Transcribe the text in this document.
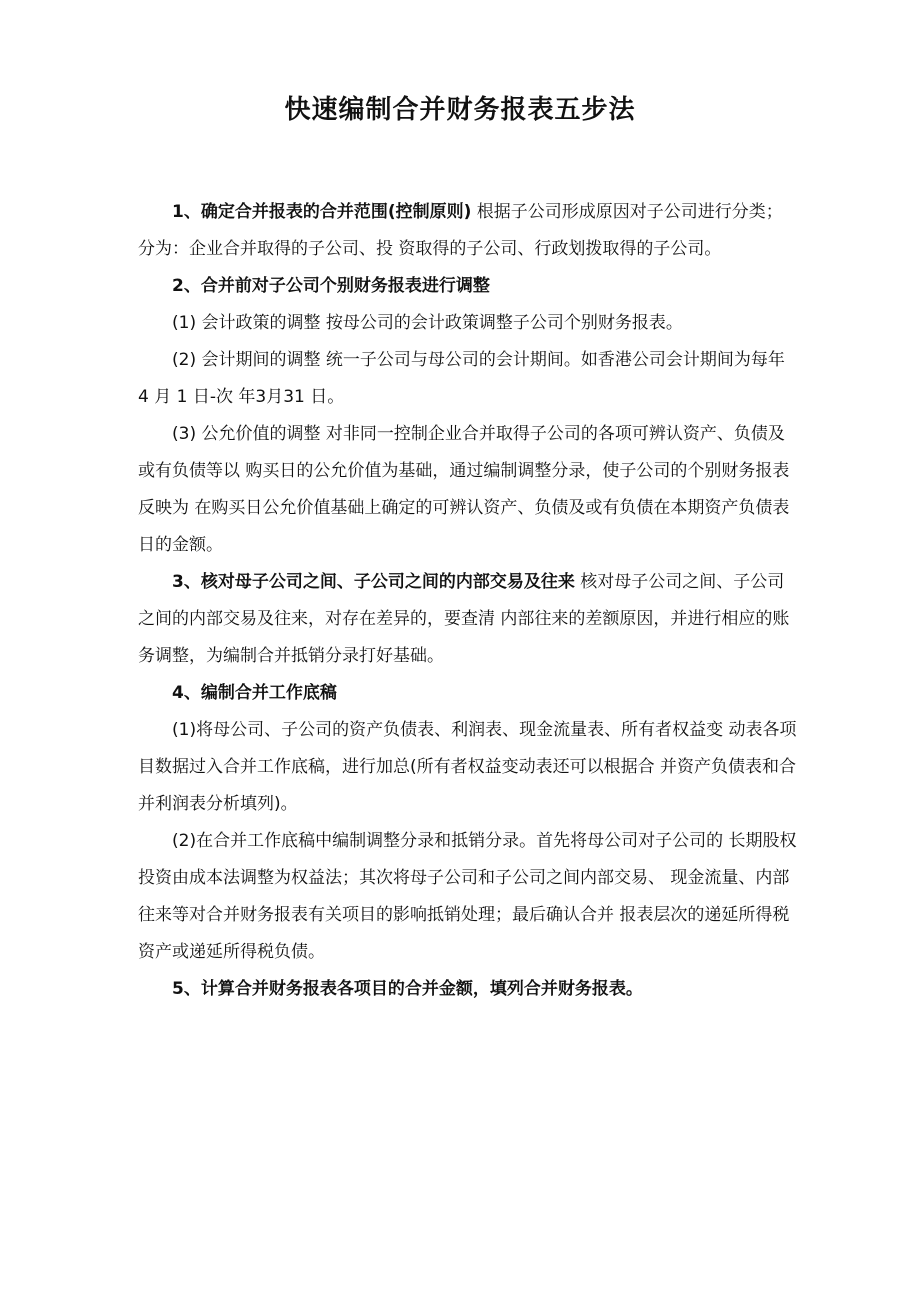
快速编制合并财务报表五步法

1、确定合并报表的合并范围(控制原则) 根据子公司形成原因对子公司进行分类；分为：企业合并取得的子公司、投 资取得的子公司、行政划拨取得的子公司。

2、合并前对子公司个别财务报表进行调整

(1) 会计政策的调整 按母公司的会计政策调整子公司个别财务报表。

(2) 会计期间的调整 统一子公司与母公司的会计期间。如香港公司会计期间为每年 4 月 1 日-次 年3月31 日。

(3) 公允价值的调整 对非同一控制企业合并取得子公司的各项可辨认资产、负债及或有负债等以 购买日的公允价值为基础，通过编制调整分录，使子公司的个别财务报表反映为 在购买日公允价值基础上确定的可辨认资产、负债及或有负债在本期资产负债表 日的金额。

3、核对母子公司之间、子公司之间的内部交易及往来 核对母子公司之间、子公司之间的内部交易及往来，对存在差异的，要查清 内部往来的差额原因，并进行相应的账务调整，为编制合并抵销分录打好基础。

4、编制合并工作底稿

(1)将母公司、子公司的资产负债表、利润表、现金流量表、所有者权益变 动表各项目数据过入合并工作底稿，进行加总(所有者权益变动表还可以根据合 并资产负债表和合并利润表分析填列)。

(2)在合并工作底稿中编制调整分录和抵销分录。首先将母公司对子公司的 长期股权投资由成本法调整为权益法；其次将母子公司和子公司之间内部交易、 现金流量、内部往来等对合并财务报表有关项目的影响抵销处理；最后确认合并 报表层次的递延所得税资产或递延所得税负债。

5、计算合并财务报表各项目的合并金额，填列合并财务报表。
